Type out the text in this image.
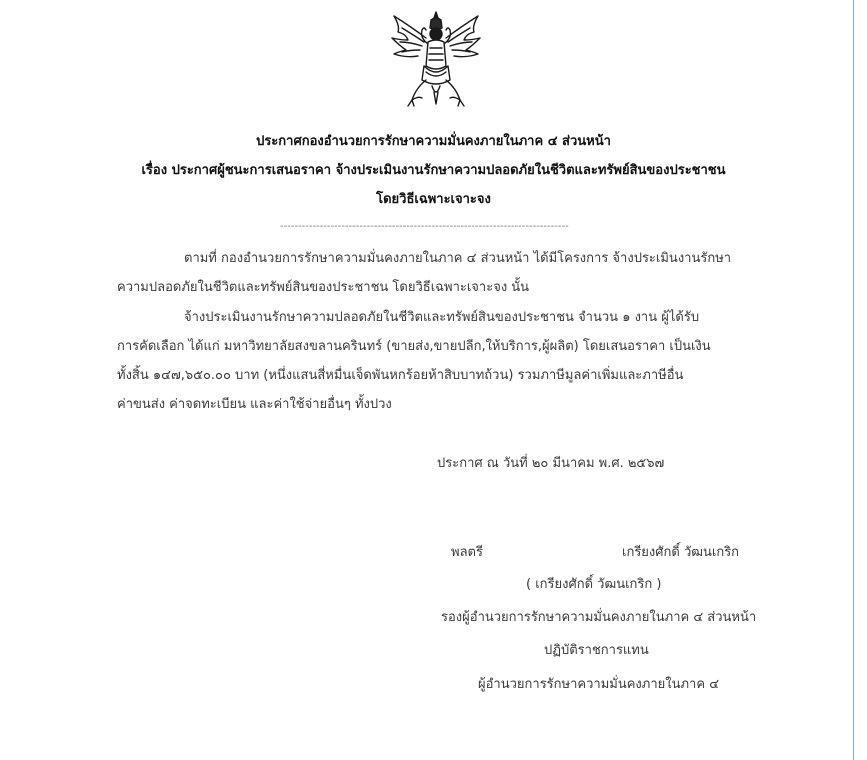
ประกาศกองอำนวยการรักษาความมั่นคงภายในภาค ๔ ส่วนหน้า
เรื่อง ประกาศผู้ชนะการเสนอราคา จ้างประเมินงานรักษาความปลอดภัยในชีวิตและทรัพย์สินของประชาชน
โดยวิธีเฉพาะเจาะจง
--------------------------------------------------------------------------------
ตามที่ กองอำนวยการรักษาความมั่นคงภายในภาค ๔ ส่วนหน้า ได้มีโครงการ จ้างประเมินงานรักษา
ความปลอดภัยในชีวิตและทรัพย์สินของประชาชน โดยวิธีเฉพาะเจาะจง นั้น
จ้างประเมินงานรักษาความปลอดภัยในชีวิตและทรัพย์สินของประชาชน จำนวน ๑ งาน ผู้ได้รับ
การคัดเลือก ได้แก่ มหาวิทยาลัยสงขลานครินทร์ (ขายส่ง,ขายปลีก,ให้บริการ,ผู้ผลิต) โดยเสนอราคา เป็นเงิน
ทั้งสิ้น ๑๔๗,๖๕๐.๐๐ บาท (หนึ่งแสนสี่หมื่นเจ็ดพันหกร้อยห้าสิบบาทถ้วน) รวมภาษีมูลค่าเพิ่มและภาษีอื่น
ค่าขนส่ง ค่าจดทะเบียน และค่าใช้จ่ายอื่นๆ ทั้งปวง
ประกาศ ณ วันที่ ๒๐ มีนาคม พ.ศ. ๒๕๖๗
พลตรี	เกรียงศักดิ์ วัฒนเกริก
( เกรียงศักดิ์ วัฒนเกริก )
รองผู้อำนวยการรักษาความมั่นคงภายในภาค ๔ ส่วนหน้า
ปฏิบัติราชการแทน
ผู้อำนวยการรักษาความมั่นคงภายในภาค ๔
